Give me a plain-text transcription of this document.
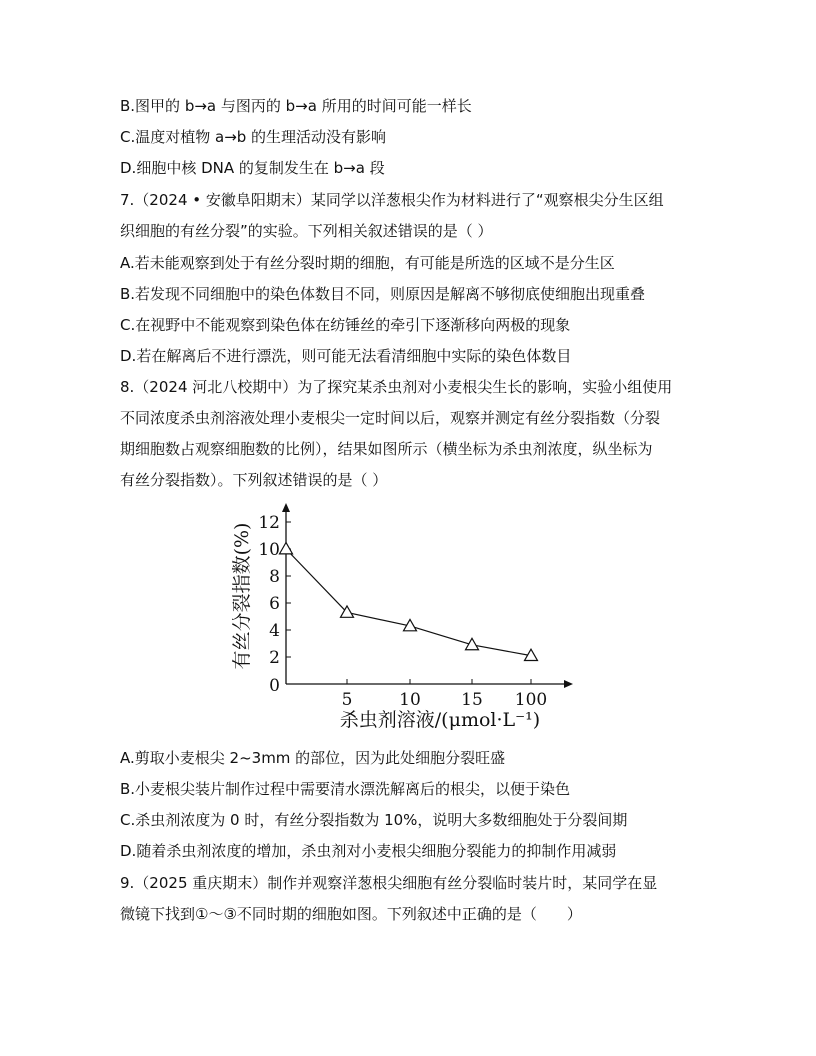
B.图甲的 b→a 与图丙的 b→a 所用的时间可能一样长
C.温度对植物 a→b 的生理活动没有影响
D.细胞中核 DNA 的复制发生在 b→a 段
7.（2024 • 安徽阜阳期末）某同学以洋葱根尖作为材料进行了“观察根尖分生区组
织细胞的有丝分裂”的实验。下列相关叙述错误的是（ ）
A.若未能观察到处于有丝分裂时期的细胞，有可能是所选的区域不是分生区
B.若发现不同细胞中的染色体数目不同，则原因是解离不够彻底使细胞出现重叠
C.在视野中不能观察到染色体在纺锤丝的牵引下逐渐移向两极的现象
D.若在解离后不进行漂洗，则可能无法看清细胞中实际的染色体数目
8.（2024 河北八校期中）为了探究某杀虫剂对小麦根尖生长的影响，实验小组使用
不同浓度杀虫剂溶液处理小麦根尖一定时间以后，观察并测定有丝分裂指数（分裂
期细胞数占观察细胞数的比例），结果如图所示（横坐标为杀虫剂浓度，纵坐标为
有丝分裂指数）。下列叙述错误的是（ ）
0
2
4
6
8
10
12
5	10 15 100
有丝分裂指数(%)
杀虫剂溶液/(μmol·L⁻¹)
A.剪取小麦根尖 2~3mm 的部位，因为此处细胞分裂旺盛
B.小麦根尖装片制作过程中需要清水漂洗解离后的根尖，以便于染色
C.杀虫剂浓度为 0 时，有丝分裂指数为 10%，说明大多数细胞处于分裂间期
D.随着杀虫剂浓度的增加，杀虫剂对小麦根尖细胞分裂能力的抑制作用减弱
9.（2025 重庆期末）制作并观察洋葱根尖细胞有丝分裂临时装片时，某同学在显
微镜下找到①～③不同时期的细胞如图。下列叙述中正确的是（　　）
